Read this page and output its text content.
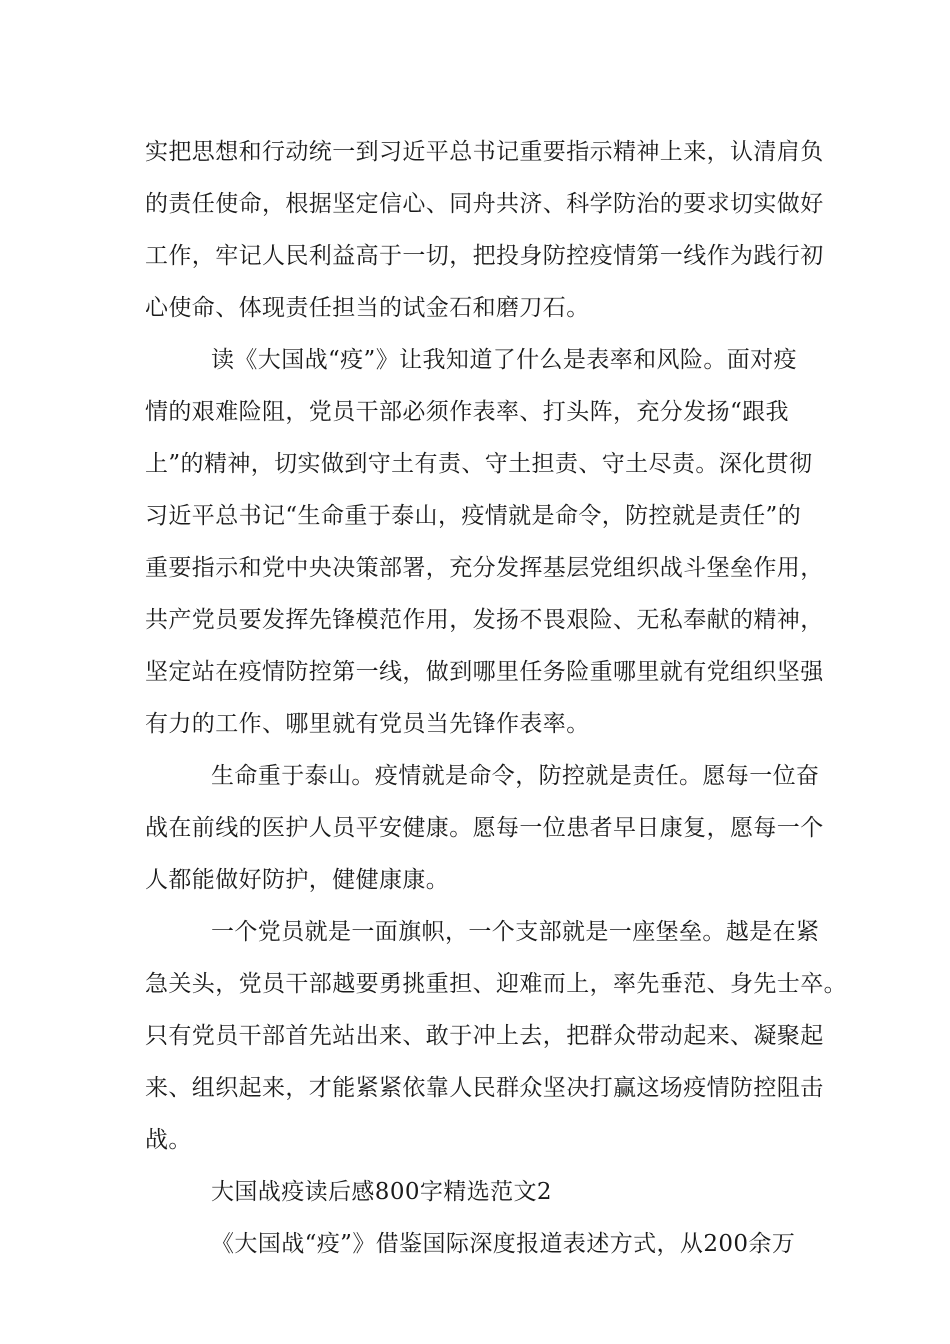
实把思想和行动统一到习近平总书记重要指示精神上来，认清肩负
的责任使命，根据坚定信心、同舟共济、科学防治的要求切实做好
工作，牢记人民利益高于一切，把投身防控疫情第一线作为践行初
心使命、体现责任担当的试金石和磨刀石。
读《大国战“疫”》让我知道了什么是表率和风险。面对疫
情的艰难险阻，党员干部必须作表率、打头阵，充分发扬“跟我
上”的精神，切实做到守土有责、守土担责、守土尽责。深化贯彻
习近平总书记“生命重于泰山，疫情就是命令，防控就是责任”的
重要指示和党中央决策部署，充分发挥基层党组织战斗堡垒作用，
共产党员要发挥先锋模范作用，发扬不畏艰险、无私奉献的精神，
坚定站在疫情防控第一线，做到哪里任务险重哪里就有党组织坚强
有力的工作、哪里就有党员当先锋作表率。
生命重于泰山。疫情就是命令，防控就是责任。愿每一位奋
战在前线的医护人员平安健康。愿每一位患者早日康复，愿每一个
人都能做好防护，健健康康。
一个党员就是一面旗帜，一个支部就是一座堡垒。越是在紧
急关头，党员干部越要勇挑重担、迎难而上，率先垂范、身先士卒。
只有党员干部首先站出来、敢于冲上去，把群众带动起来、凝聚起
来、组织起来，才能紧紧依靠人民群众坚决打赢这场疫情防控阻击
战。
大国战疫读后感800字精选范文2
《大国战“疫”》借鉴国际深度报道表述方式，从200余万
